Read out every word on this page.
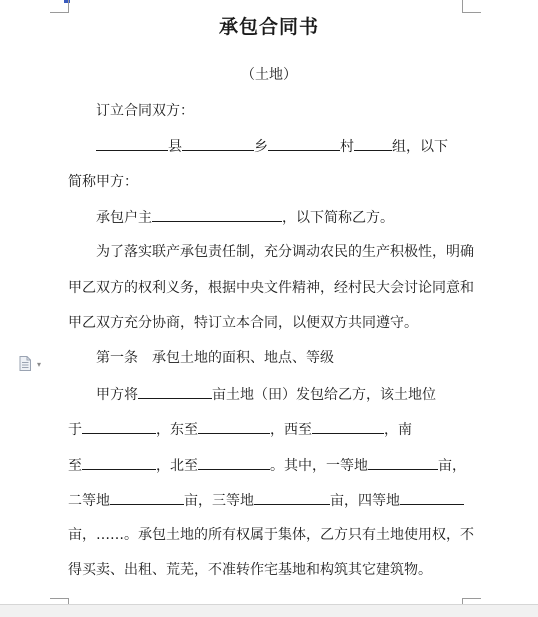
承包合同书
（土地）
订立合同双方：
县	乡	村	组，以下
简称甲方：
承包户主	，以下简称乙方。
为了落实联产承包责任制，充分调动农民的生产积极性，明确
甲乙双方的权利义务，根据中央文件精神，经村民大会讨论同意和
甲乙双方充分协商，特订立本合同，以便双方共同遵守。
第一条　承包土地的面积、地点、等级
甲方将	亩土地（田）发包给乙方，该土地位
于	，东至	，西至	，南
至	，北至	。其中，一等地	亩，
二等地	亩，三等地	亩，四等地
亩，……。承包土地的所有权属于集体，乙方只有土地使用权，不
得买卖、出租、荒芜，不准转作宅基地和构筑其它建筑物。
▾
